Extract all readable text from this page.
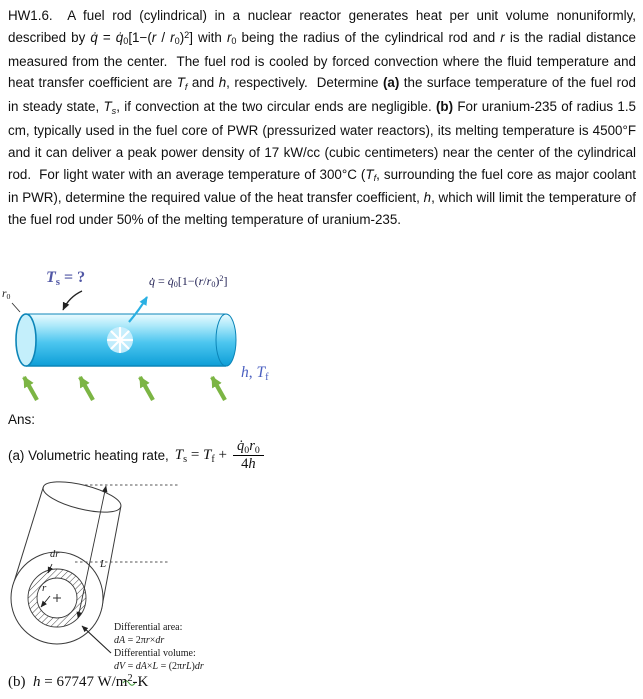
HW1.6.  A fuel rod (cylindrical) in a nuclear reactor generates heat per unit volume nonuniformly, described by q̇ = $q̇_0[1-(r / r_0)^2]$ with $r_0$ being the radius of the cylindrical rod and r is the radial distance measured from the center.  The fuel rod is cooled by forced convection where the fluid temperature and heat transfer coefficient are $T_f$ and h, respectively.  Determine (a) the surface temperature of the fuel rod in steady state, $T_s$, if convection at the two circular ends are negligible. (b) For uranium-235 of radius 1.5 cm, typically used in the fuel core of PWR (pressurized water reactors), its melting temperature is 4500°F and it can deliver a peak power density of 17 kW/cc (cubic centimeters) near the center of the cylindrical rod.  For light water with an average temperature of 300°C ($T_f$, surrounding the fuel core as major coolant in PWR), determine the required value of the heat transfer coefficient, h, which will limit the temperature of the fuel rod under 50% of the melting temperature of uranium-235.

$T_s$ = ?	q̇ = $q̇_0[1-(r/r_0)^2]$
$r_0$
h, $T_f$
Ans:
(a) Volumetric heating rate, $T_s = T_f + \frac{q̇_0r_0}{4h}$
dr
L
r
Differential area:
dA = 2πr×dr
Differential volume:
dV = dA×L = (2πrL)dr
(b)  h = 67747 $W/m^2-K$
